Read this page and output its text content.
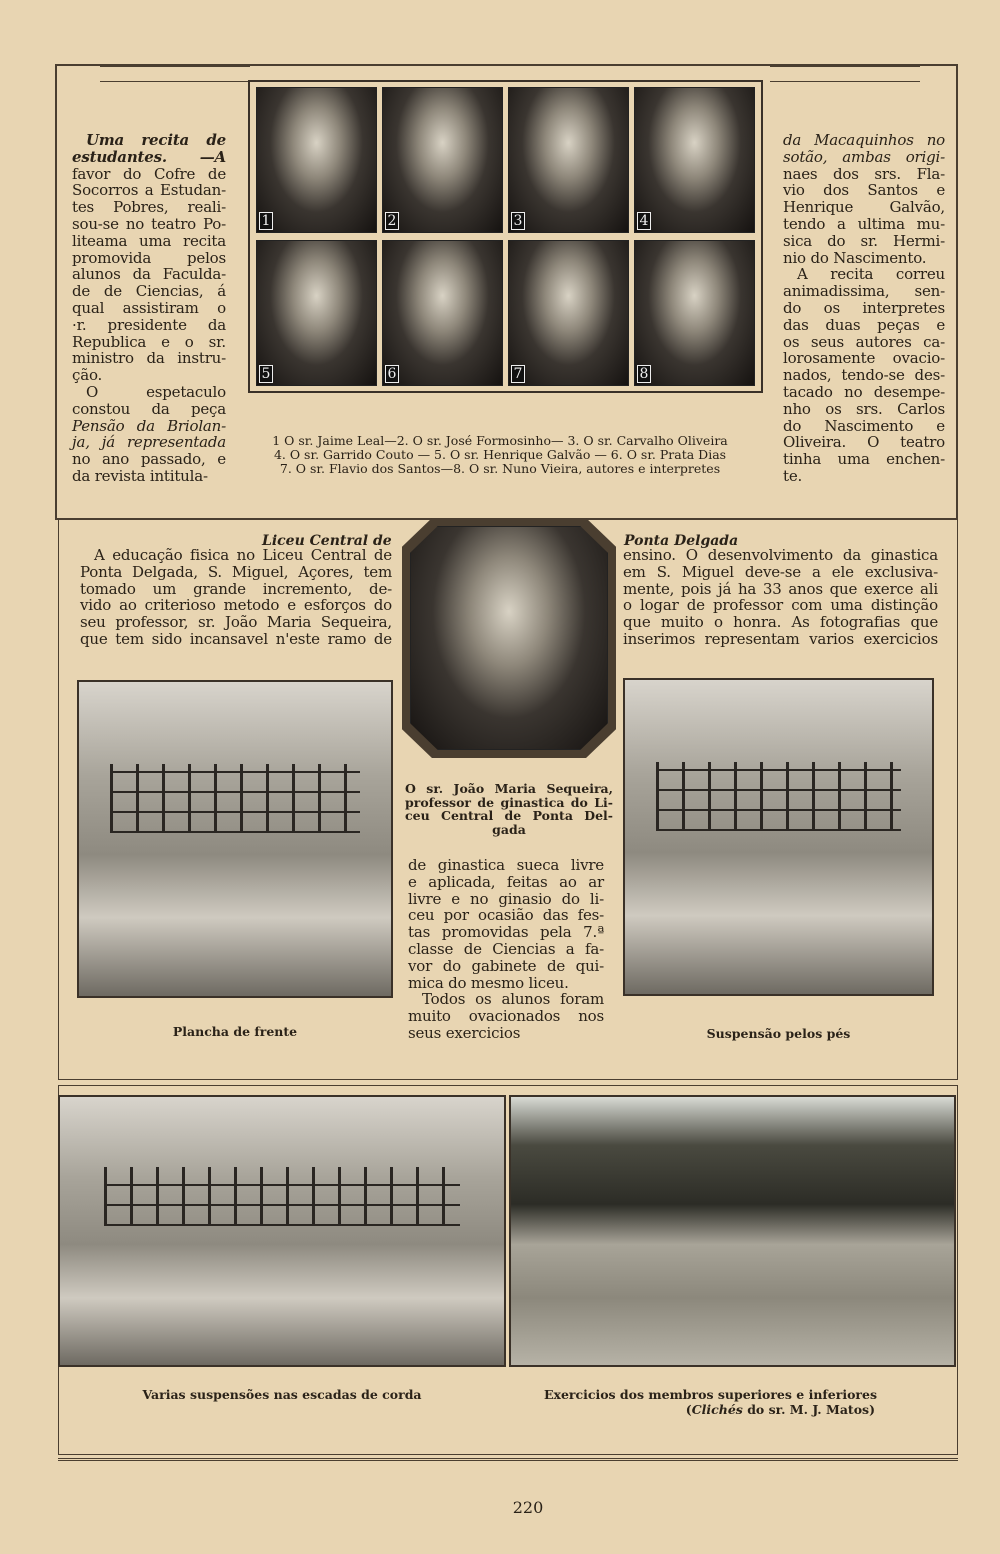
Uma recita de
estudantes. —A
favor do Cofre de
Socorros a Estudan-
tes Pobres, reali-
sou-se no teatro Po-
liteama uma recita
promovida pelos
alunos da Faculda-
de de Ciencias, á
qual assistiram o
·r. presidente da
Republica e o sr.
ministro da instru-
ção.
O espetaculo
constou da peça
Pensão da Briolan-
ja, já representada
no ano passado, e
da revista intitula-
da Macaquinhos no
sotão, ambas origi-
naes dos srs. Fla-
vio dos Santos e
Henrique Galvão,
tendo a ultima mu-
sica do sr. Hermi-
nio do Nascimento.
A recita correu
animadissima, sen-
do os interpretes
das duas peças e
os seus autores ca-
lorosamente ovacio-
nados, tendo-se des-
tacado no desempe-
nho os srs. Carlos
do Nascimento e
Oliveira. O teatro
tinha uma enchen-
te.
1	2	3	4
5	6	7	8
1 O sr. Jaime Leal—2. O sr. José Formosinho— 3. O sr. Carvalho Oliveira
4. O sr. Garrido Couto — 5. O sr. Henrique Galvão — 6. O sr. Prata Dias
7. O sr. Flavio dos Santos—8. O sr. Nuno Vieira, autores e interpretes
Liceu Central de	Ponta Delgada
A educação fisica no Liceu Central de
Ponta Delgada, S. Miguel, Açores, tem
tomado um grande incremento, de-
vido ao criterioso metodo e esforços do
seu professor, sr. João Maria Sequeira,
que tem sido incansavel n'este ramo de
ensino. O desenvolvimento da ginastica
em S. Miguel deve-se a ele exclusiva-
mente, pois já ha 33 anos que exerce ali
o logar de professor com uma distinção
que muito o honra. As fotografias que
inserimos representam varios exercicios
O sr. João Maria Sequeira,
professor de ginastica do Li-
ceu Central de Ponta Del-
gada
de ginastica sueca livre
e aplicada, feitas ao ar
livre e no ginasio do li-
ceu por ocasião das fes-
tas promovidas pela 7.ª
classe de Ciencias a fa-
vor do gabinete de qui-
mica do mesmo liceu.
Todos os alunos foram
muito ovacionados nos
seus exercicios
Plancha de frente	Suspensão pelos pés
Varias suspensões nas escadas de corda	Exercicios dos membros superiores e inferiores
(Clichés do sr. M. J. Matos)
220
